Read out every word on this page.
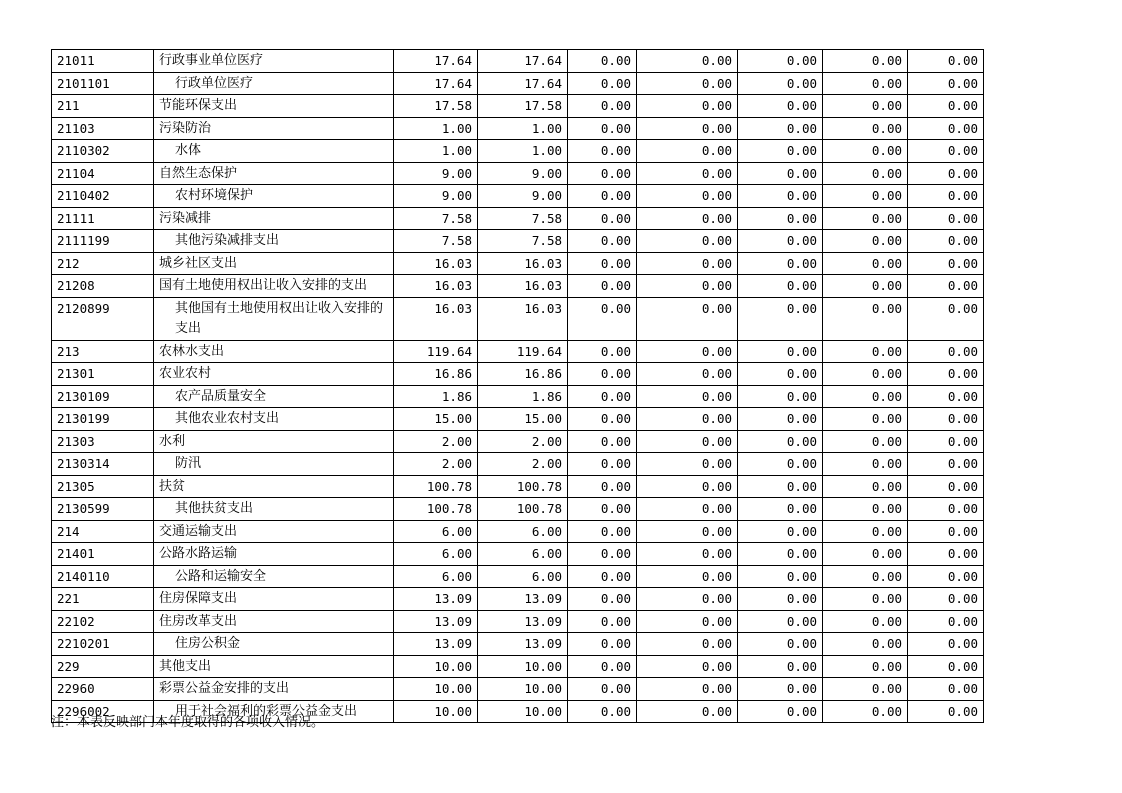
21011	行政事业单位医疗	17.64	17.64	0.00	0.00	0.00	0.00	0.00
2101101	行政单位医疗	17.64	17.64	0.00	0.00	0.00	0.00	0.00
211	节能环保支出	17.58	17.58	0.00	0.00	0.00	0.00	0.00
21103	污染防治	1.00	1.00	0.00	0.00	0.00	0.00	0.00
2110302	水体	1.00	1.00	0.00	0.00	0.00	0.00	0.00
21104	自然生态保护	9.00	9.00	0.00	0.00	0.00	0.00	0.00
2110402	农村环境保护	9.00	9.00	0.00	0.00	0.00	0.00	0.00
21111	污染减排	7.58	7.58	0.00	0.00	0.00	0.00	0.00
2111199	其他污染减排支出	7.58	7.58	0.00	0.00	0.00	0.00	0.00
212	城乡社区支出	16.03	16.03	0.00	0.00	0.00	0.00	0.00
21208	国有土地使用权出让收入安排的支出	16.03	16.03	0.00	0.00	0.00	0.00	0.00
2120899	其他国有土地使用权出让收入安排的支出	16.03	16.03	0.00	0.00	0.00	0.00	0.00
213	农林水支出	119.64	119.64	0.00	0.00	0.00	0.00	0.00
21301	农业农村	16.86	16.86	0.00	0.00	0.00	0.00	0.00
2130109	农产品质量安全	1.86	1.86	0.00	0.00	0.00	0.00	0.00
2130199	其他农业农村支出	15.00	15.00	0.00	0.00	0.00	0.00	0.00
21303	水利	2.00	2.00	0.00	0.00	0.00	0.00	0.00
2130314	防汛	2.00	2.00	0.00	0.00	0.00	0.00	0.00
21305	扶贫	100.78	100.78	0.00	0.00	0.00	0.00	0.00
2130599	其他扶贫支出	100.78	100.78	0.00	0.00	0.00	0.00	0.00
214	交通运输支出	6.00	6.00	0.00	0.00	0.00	0.00	0.00
21401	公路水路运输	6.00	6.00	0.00	0.00	0.00	0.00	0.00
2140110	公路和运输安全	6.00	6.00	0.00	0.00	0.00	0.00	0.00
221	住房保障支出	13.09	13.09	0.00	0.00	0.00	0.00	0.00
22102	住房改革支出	13.09	13.09	0.00	0.00	0.00	0.00	0.00
2210201	住房公积金	13.09	13.09	0.00	0.00	0.00	0.00	0.00
229	其他支出	10.00	10.00	0.00	0.00	0.00	0.00	0.00
22960	彩票公益金安排的支出	10.00	10.00	0.00	0.00	0.00	0.00	0.00
2296002	用于社会福利的彩票公益金支出	10.00	10.00	0.00	0.00	0.00	0.00	0.00
注：本表反映部门本年度取得的各项收入情况。
